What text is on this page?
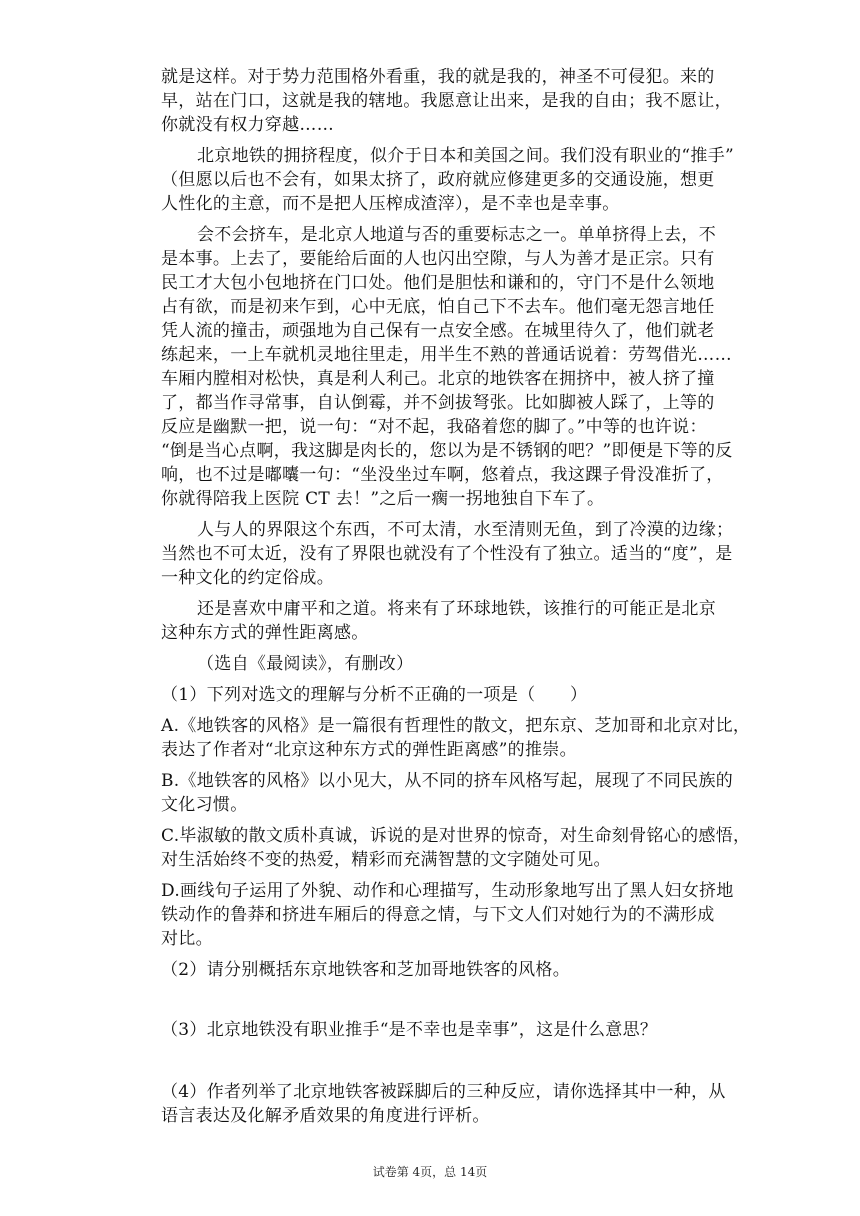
就是这样。对于势力范围格外看重，我的就是我的，神圣不可侵犯。来的
早，站在门口，这就是我的辖地。我愿意让出来，是我的自由；我不愿让，
你就没有权力穿越……
北京地铁的拥挤程度，似介于日本和美国之间。我们没有职业的“推手”
（但愿以后也不会有，如果太挤了，政府就应修建更多的交通设施，想更
人性化的主意，而不是把人压榨成渣滓），是不幸也是幸事。
会不会挤车，是北京人地道与否的重要标志之一。单单挤得上去，不
是本事。上去了，要能给后面的人也闪出空隙，与人为善才是正宗。只有
民工才大包小包地挤在门口处。他们是胆怯和谦和的，守门不是什么领地
占有欲，而是初来乍到，心中无底，怕自己下不去车。他们毫无怨言地任
凭人流的撞击，顽强地为自己保有一点安全感。在城里待久了，他们就老
练起来，一上车就机灵地往里走，用半生不熟的普通话说着：劳驾借光……
车厢内膛相对松快，真是利人利己。北京的地铁客在拥挤中，被人挤了撞
了，都当作寻常事，自认倒霉，并不剑拔弩张。比如脚被人踩了，上等的
反应是幽默一把，说一句：“对不起，我硌着您的脚了。”中等的也许说：
“倒是当心点啊，我这脚是肉长的，您以为是不锈钢的吧？”即便是下等的反
响，也不过是嘟囔一句：“坐没坐过车啊，悠着点，我这踝子骨没准折了，
你就得陪我上医院 CT 去！”之后一瘸一拐地独自下车了。
人与人的界限这个东西，不可太清，水至清则无鱼，到了冷漠的边缘；
当然也不可太近，没有了界限也就没有了个性没有了独立。适当的“度”，是
一种文化的约定俗成。
还是喜欢中庸平和之道。将来有了环球地铁，该推行的可能正是北京
这种东方式的弹性距离感。
（选自《最阅读》，有删改）
（1）下列对选文的理解与分析不正确的一项是（　　）
A.《地铁客的风格》是一篇很有哲理性的散文，把东京、芝加哥和北京对比，
表达了作者对“北京这种东方式的弹性距离感”的推崇。
B.《地铁客的风格》以小见大，从不同的挤车风格写起，展现了不同民族的
文化习惯。
C.毕淑敏的散文质朴真诚，诉说的是对世界的惊奇，对生命刻骨铭心的感悟，
对生活始终不变的热爱，精彩而充满智慧的文字随处可见。
D.画线句子运用了外貌、动作和心理描写，生动形象地写出了黑人妇女挤地
铁动作的鲁莽和挤进车厢后的得意之情，与下文人们对她行为的不满形成
对比。
（2）请分别概括东京地铁客和芝加哥地铁客的风格。
（3）北京地铁没有职业推手“是不幸也是幸事”，这是什么意思？
（4）作者列举了北京地铁客被踩脚后的三种反应，请你选择其中一种，从
语言表达及化解矛盾效果的角度进行评析。
试卷第 4页，总 14页
